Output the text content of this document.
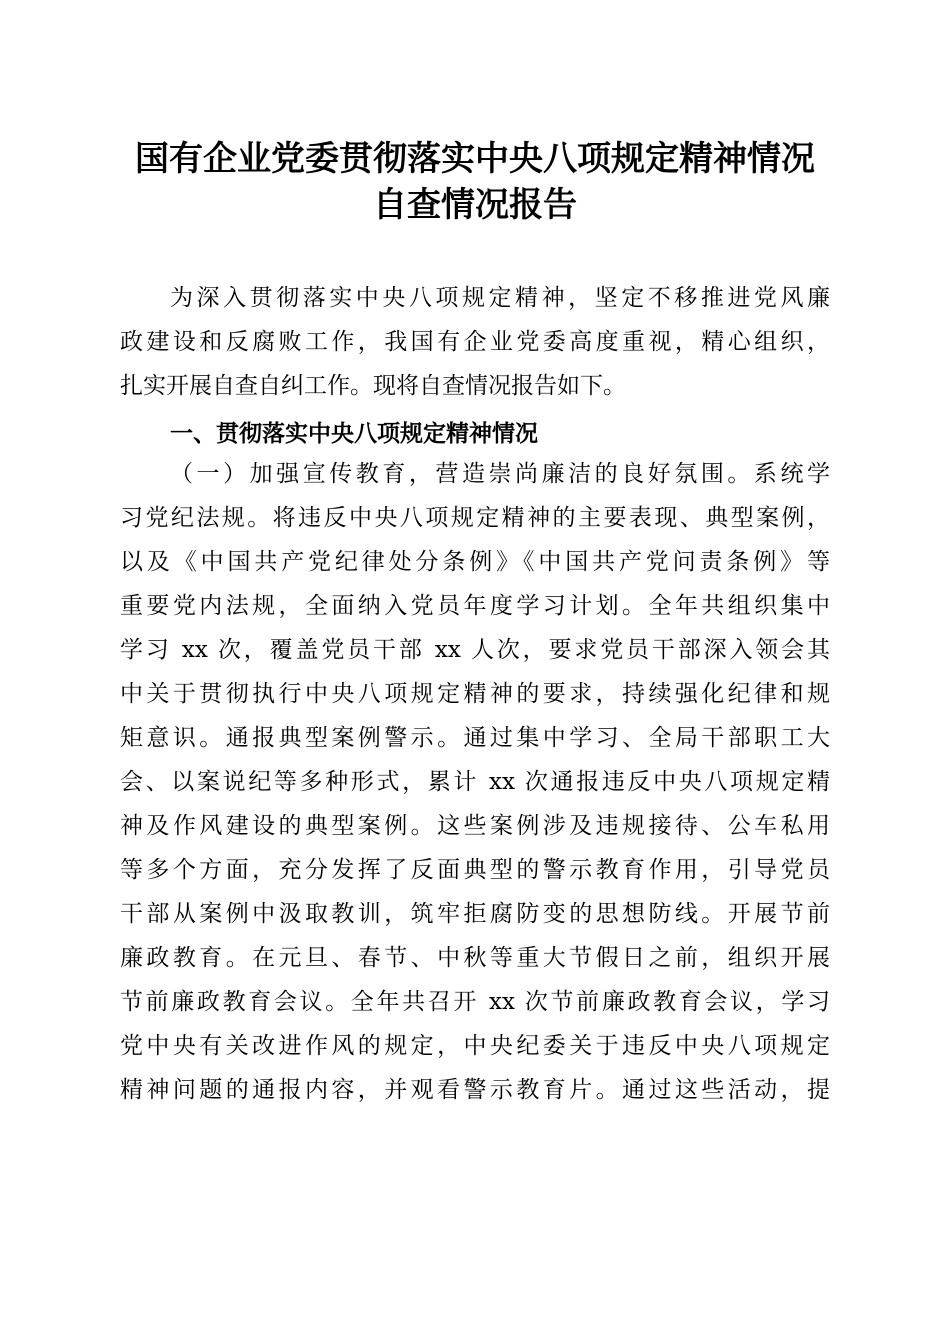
国有企业党委贯彻落实中央八项规定精神情况
自查情况报告
为深入贯彻落实中央八项规定精神，坚定不移推进党风廉
政建设和反腐败工作，我国有企业党委高度重视，精心组织，
扎实开展自查自纠工作。现将自查情况报告如下。
一、贯彻落实中央八项规定精神情况
（一）加强宣传教育，营造崇尚廉洁的良好氛围。系统学
习党纪法规。将违反中央八项规定精神的主要表现、典型案例，
以及《中国共产党纪律处分条例》《中国共产党问责条例》等
重要党内法规，全面纳入党员年度学习计划。全年共组织集中
学习 xx 次，覆盖党员干部 xx 人次，要求党员干部深入领会其
中关于贯彻执行中央八项规定精神的要求，持续强化纪律和规
矩意识。通报典型案例警示。通过集中学习、全局干部职工大
会、以案说纪等多种形式，累计 xx 次通报违反中央八项规定精
神及作风建设的典型案例。这些案例涉及违规接待、公车私用
等多个方面，充分发挥了反面典型的警示教育作用，引导党员
干部从案例中汲取教训，筑牢拒腐防变的思想防线。开展节前
廉政教育。在元旦、春节、中秋等重大节假日之前，组织开展
节前廉政教育会议。全年共召开 xx 次节前廉政教育会议，学习
党中央有关改进作风的规定，中央纪委关于违反中央八项规定
精神问题的通报内容，并观看警示教育片。通过这些活动，提
